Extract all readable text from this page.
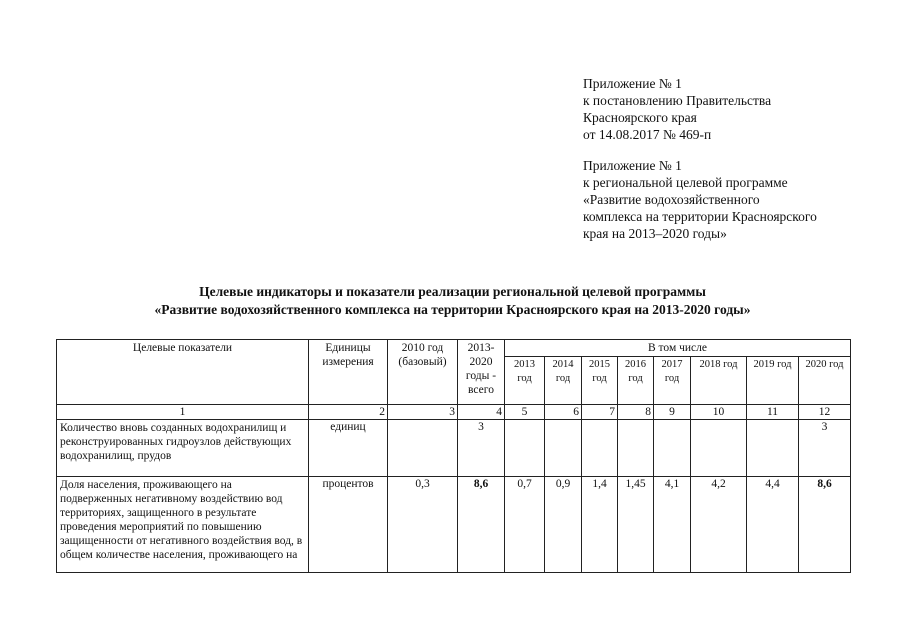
Приложение № 1
к постановлению Правительства
Красноярского края
от 14.08.2017 № 469-п
Приложение № 1
к региональной целевой программе
«Развитие водохозяйственного
комплекса на территории Красноярского
края на 2013–2020 годы»
Целевые индикаторы и показатели реализации региональной целевой программы
«Развитие водохозяйственного комплекса на территории Красноярского края на 2013-2020 годы»
Целевые показатели	Единицы измерения	2010 год (базовый)	2013-2020 годы - всего	В том числе							
				2013 год	2014 год	2015 год	2016 год	2017 год	2018 год	2019 год	2020 год
1	2	3	4	5	6	7	8	9	10	11	12
Количество вновь созданных водохранилищ и реконструированных гидроузлов действующих водохранилищ, прудов	единиц		3								3
Доля населения, проживающего на подверженных негативному воздействию вод территориях, защищенного в результате проведения мероприятий по повышению защищенности от негативного воздействия вод, в общем количестве населения, проживающего на	процентов	0,3	8,6	0,7	0,9	1,4	1,45	4,1	4,2	4,4	8,6
